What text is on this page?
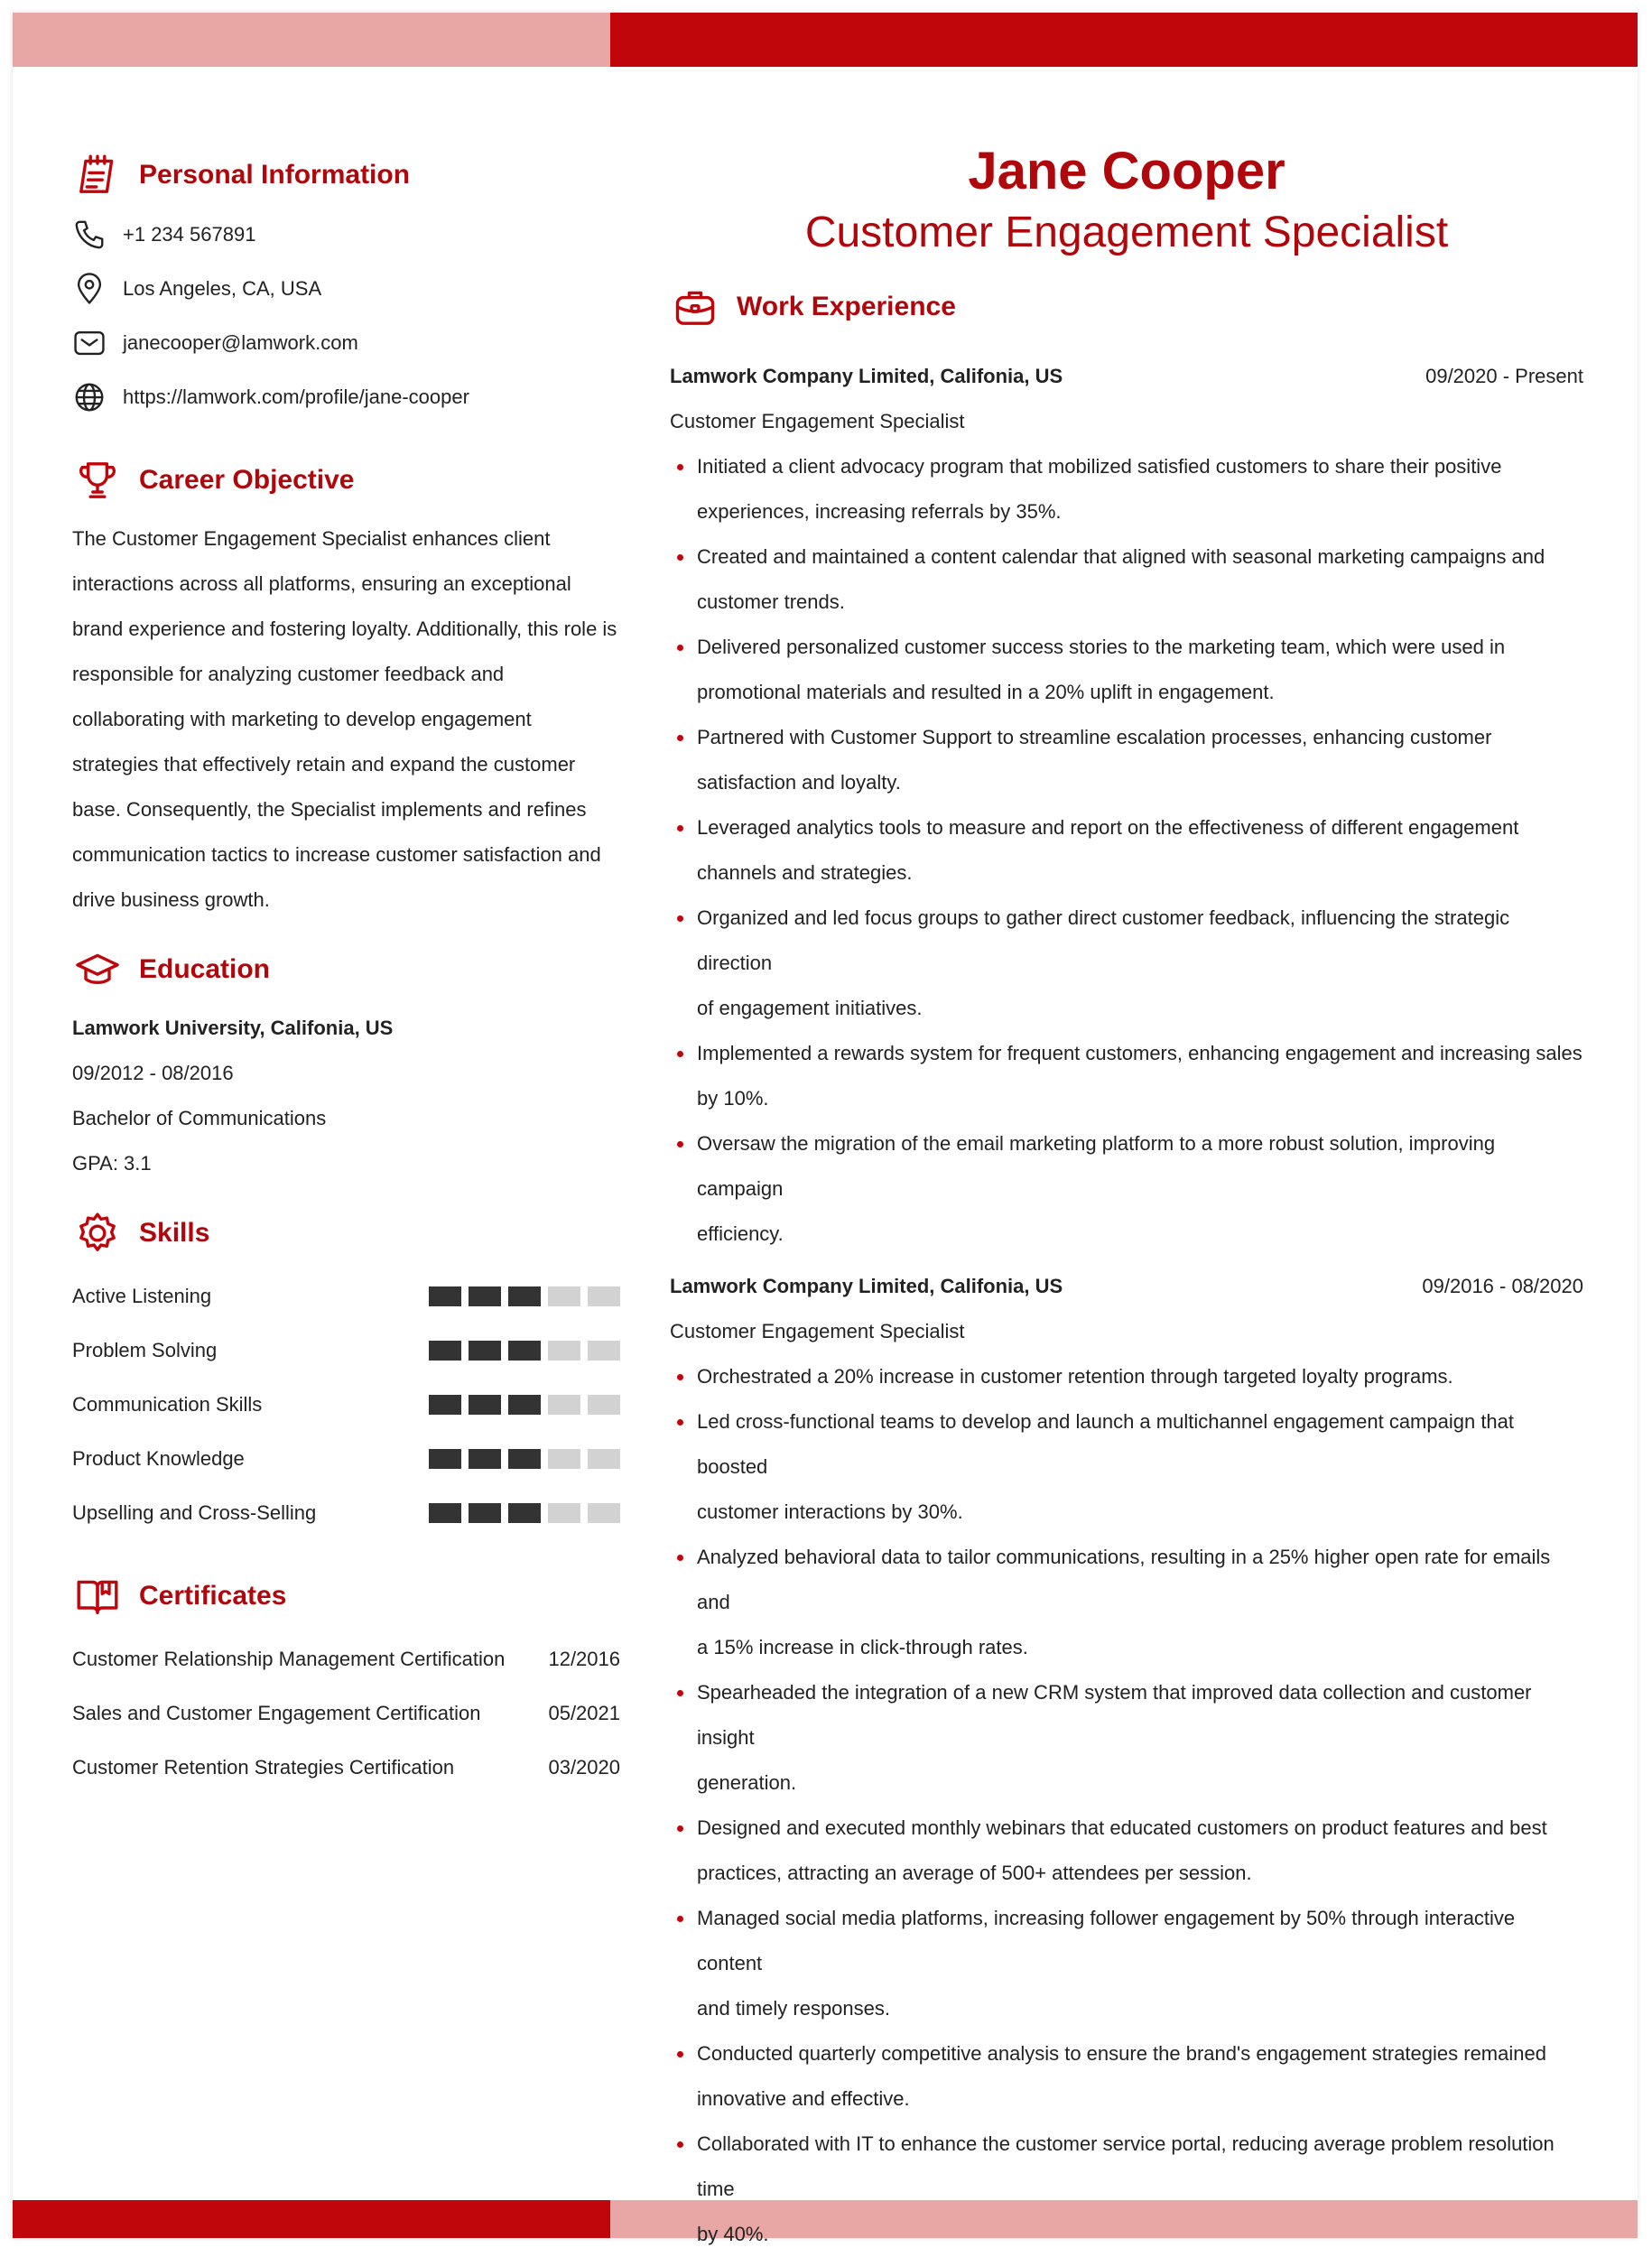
Personal Information
+1 234 567891
Los Angeles, CA, USA
janecooper@lamwork.com
https://lamwork.com/profile/jane-cooper
Career Objective
The Customer Engagement Specialist enhances client
interactions across all platforms, ensuring an exceptional
brand experience and fostering loyalty. Additionally, this role is
responsible for analyzing customer feedback and
collaborating with marketing to develop engagement
strategies that effectively retain and expand the customer
base. Consequently, the Specialist implements and refines
communication tactics to increase customer satisfaction and
drive business growth.
Education
Lamwork University, Califonia, US
09/2012 - 08/2016
Bachelor of Communications
GPA: 3.1
Skills
Active Listening
Problem Solving
Communication Skills
Product Knowledge
Upselling and Cross-Selling
Certificates
Customer Relationship Management Certification 12/2016
Sales and Customer Engagement Certification	05/2021
Customer Retention Strategies Certification	03/2020
Jane Cooper
Customer Engagement Specialist
Work Experience
Lamwork Company Limited, Califonia, US	09/2020 - Present
Customer Engagement Specialist
Initiated a client advocacy program that mobilized satisfied customers to share their positive
experiences, increasing referrals by 35%.
Created and maintained a content calendar that aligned with seasonal marketing campaigns and
customer trends.
Delivered personalized customer success stories to the marketing team, which were used in
promotional materials and resulted in a 20% uplift in engagement.
Partnered with Customer Support to streamline escalation processes, enhancing customer
satisfaction and loyalty.
Leveraged analytics tools to measure and report on the effectiveness of different engagement
channels and strategies.
Organized and led focus groups to gather direct customer feedback, influencing the strategic direction
of engagement initiatives.
Implemented a rewards system for frequent customers, enhancing engagement and increasing sales
by 10%.
Oversaw the migration of the email marketing platform to a more robust solution, improving campaign
efficiency.
Lamwork Company Limited, Califonia, US	09/2016 - 08/2020
Customer Engagement Specialist
Orchestrated a 20% increase in customer retention through targeted loyalty programs.
Led cross-functional teams to develop and launch a multichannel engagement campaign that boosted
customer interactions by 30%.
Analyzed behavioral data to tailor communications, resulting in a 25% higher open rate for emails and
a 15% increase in click-through rates.
Spearheaded the integration of a new CRM system that improved data collection and customer insight
generation.
Designed and executed monthly webinars that educated customers on product features and best
practices, attracting an average of 500+ attendees per session.
Managed social media platforms, increasing follower engagement by 50% through interactive content
and timely responses.
Conducted quarterly competitive analysis to ensure the brand's engagement strategies remained
innovative and effective.
Collaborated with IT to enhance the customer service portal, reducing average problem resolution time
by 40%.
